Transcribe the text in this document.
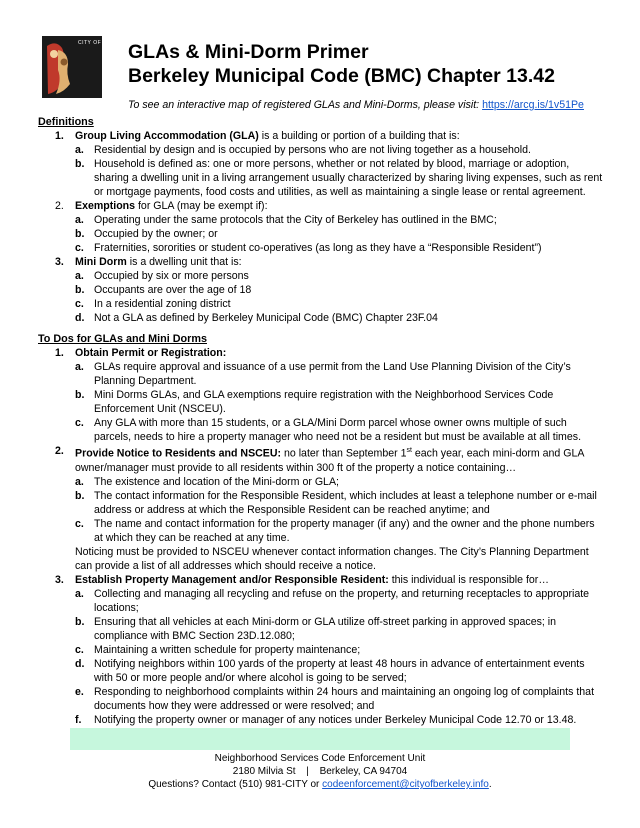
CITY OF
BERKELEY GLAs & Mini-Dorm Primer
Berkeley Municipal Code (BMC) Chapter 13.42
To see an interactive map of registered GLAs and Mini-Dorms, please visit: https://arcg.is/1v51Pe
Definitions
1. Group Living Accommodation (GLA) is a building or portion of a building that is:
a. Residential by design and is occupied by persons who are not living together as a household.
b. Household is defined as: one or more persons, whether or not related by blood, marriage or adoption, sharing a dwelling unit in a living arrangement usually characterized by sharing living expenses, such as rent or mortgage payments, food costs and utilities, as well as maintaining a single lease or rental agreement.
2. Exemptions for GLA (may be exempt if):
a. Operating under the same protocols that the City of Berkeley has outlined in the BMC;
b. Occupied by the owner; or
c. Fraternities, sororities or student co-operatives (as long as they have a “Responsible Resident”)
3. Mini Dorm is a dwelling unit that is:
a. Occupied by six or more persons
b. Occupants are over the age of 18
c. In a residential zoning district
d. Not a GLA as defined by Berkeley Municipal Code (BMC) Chapter 23F.04
To Dos for GLAs and Mini Dorms
1. Obtain Permit or Registration:
a. GLAs require approval and issuance of a use permit from the Land Use Planning Division of the City’s Planning Department.
b. Mini Dorms GLAs, and GLA exemptions require registration with the Neighborhood Services Code Enforcement Unit (NSCEU).
c. Any GLA with more than 15 students, or a GLA/Mini Dorm parcel whose owner owns multiple of such parcels, needs to hire a property manager who need not be a resident but must be available at all times.
2. Provide Notice to Residents and NSCEU: no later than September 1st each year, each mini-dorm and GLA owner/manager must provide to all residents within 300 ft of the property a notice containing…
a. The existence and location of the Mini-dorm or GLA;
b. The contact information for the Responsible Resident, which includes at least a telephone number or e-mail address or address at which the Responsible Resident can be reached anytime; and
c. The name and contact information for the property manager (if any) and the owner and the phone numbers at which they can be reached at any time.
Noticing must be provided to NSCEU whenever contact information changes. The City’s Planning Department can provide a list of all addresses which should receive a notice.
3. Establish Property Management and/or Responsible Resident: this individual is responsible for…
a. Collecting and managing all recycling and refuse on the property, and returning receptacles to appropriate locations;
b. Ensuring that all vehicles at each Mini-dorm or GLA utilize off-street parking in approved spaces; in compliance with BMC Section 23D.12.080;
c. Maintaining a written schedule for property maintenance;
d. Notifying neighbors within 100 yards of the property at least 48 hours in advance of entertainment events with 50 or more people and/or where alcohol is going to be served;
e. Responding to neighborhood complaints within 24 hours and maintaining an ongoing log of complaints that documents how they were addressed or were resolved; and
f. Notifying the property owner or manager of any notices under Berkeley Municipal Code 12.70 or 13.48.
Neighborhood Services Code Enforcement Unit
2180 Milvia St | Berkeley, CA 94704
Questions? Contact (510) 981-CITY or codeenforcement@cityofberkeley.info.
